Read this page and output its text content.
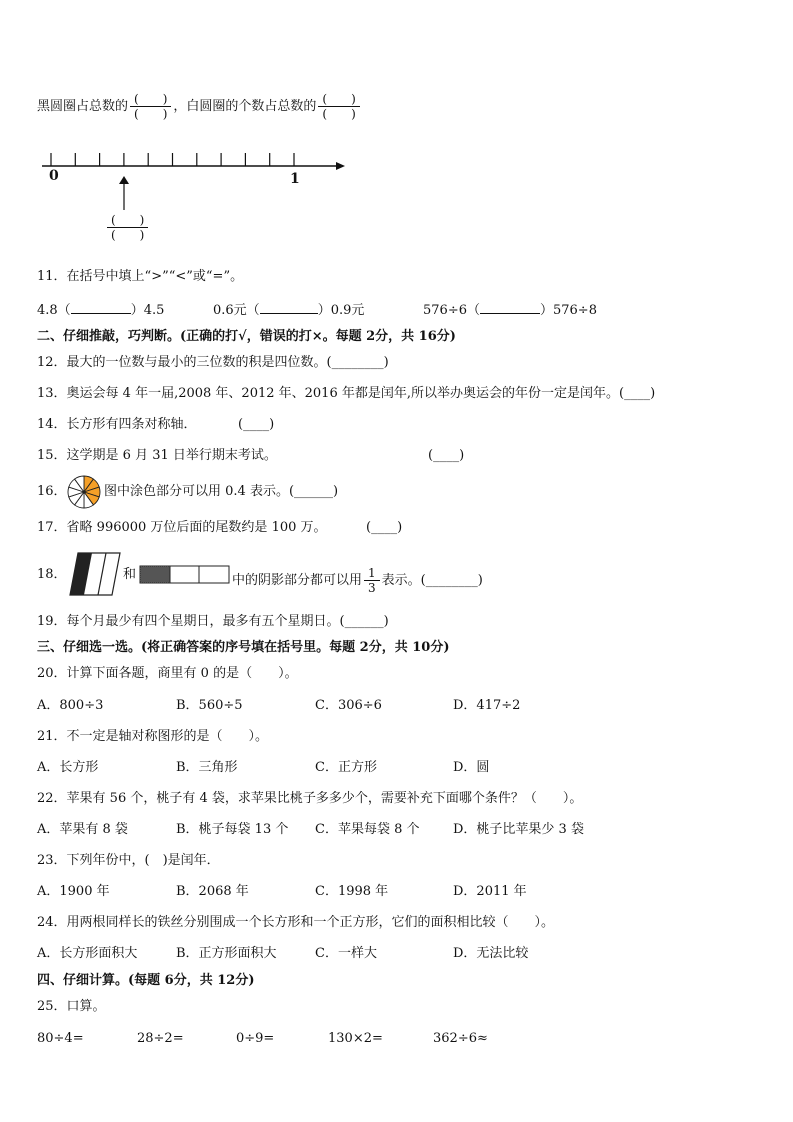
黑圆圈占总数的 $\frac{( )}{( )}$ ，白圆圈的个数占总数的 $\frac{( )}{( )}$
0	1
$\frac{( )}{( )}$
11．在括号中填上“>”“<”或“=”。
4.8（	）4.5	0.6元（	）0.9元	576÷6（	）576÷8
二、仔细推敲，巧判断。(正确的打√，错误的打×。每题 2分，共 16分)
12．最大的一位数与最小的三位数的积是四位数。(________)
13．奥运会每 4 年一届,2008 年、2012 年、2016 年都是闰年,所以举办奥运会的年份一定是闰年。(____)
14．长方形有四条对称轴．	(____)
15．这学期是 6 月 31 日举行期末考试。	(____)
16．	图中涂色部分可以用 0.4 表示。(______)
17．省略 996000 万位后面的尾数约是 100 万。	(____)
18．	和	中的阴影部分都可以用 $\frac{1}{3}$ 表示。(________)
19．每个月最少有四个星期日，最多有五个星期日。(______)
三、仔细选一选。(将正确答案的序号填在括号里。每题 2分，共 10分)
20．计算下面各题，商里有 0 的是（　　）。
A．800÷3	B．560÷5	C．306÷6	D．417÷2
21．不一定是轴对称图形的是（　　）。
A．长方形	B．三角形	C．正方形	D．圆
22．苹果有 56 个，桃子有 4 袋，求苹果比桃子多多少个，需要补充下面哪个条件？（　　）。
A．苹果有 8 袋	B．桃子每袋 13 个 C．苹果每袋 8 个	D．桃子比苹果少 3 袋
23．下列年份中，(　)是闰年．
A．1900 年	B．2068 年	C．1998 年	D．2011 年
24．用两根同样长的铁丝分别围成一个长方形和一个正方形，它们的面积相比较（　　）。
A．长方形面积大	B．正方形面积大	C．一样大	D．无法比较
四、仔细计算。(每题 6分，共 12分)
25．口算。
80÷4=	28÷2=	0÷9=	130×2=	362÷6≈
